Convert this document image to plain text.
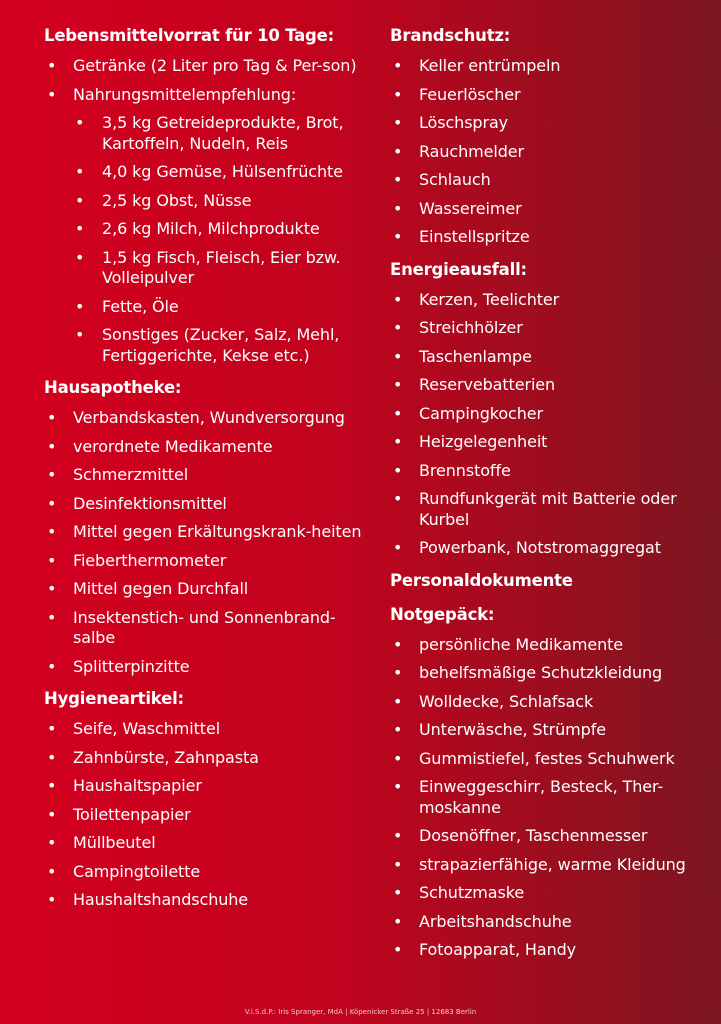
Lebensmittelvorrat für 10 Tage:
• Getränke (2 Liter pro Tag & Per-son)
• Nahrungsmittelempfehlung:
• 3,5 kg Getreideprodukte, Brot, Kartoffeln, Nudeln, Reis
• 4,0 kg Gemüse, Hülsenfrüchte
• 2,5 kg Obst, Nüsse
• 2,6 kg Milch, Milchprodukte
• 1,5 kg Fisch, Fleisch, Eier bzw. Volleipulver
• Fette, Öle
• Sonstiges (Zucker, Salz, Mehl, Fertiggerichte, Kekse etc.)
Hausapotheke:
• Verbandskasten, Wundversorgung
• verordnete Medikamente
• Schmerzmittel
• Desinfektionsmittel
• Mittel gegen Erkältungskrank-heiten
• Fieberthermometer
• Mittel gegen Durchfall
• Insektenstich- und Sonnenbrand-salbe
• Splitterpinzitte
Hygieneartikel:
• Seife, Waschmittel
• Zahnbürste, Zahnpasta
• Haushaltspapier
• Toilettenpapier
• Müllbeutel
• Campingtoilette
• Haushaltshandschuhe
Brandschutz:
• Keller entrümpeln
• Feuerlöscher
• Löschspray
• Rauchmelder
• Schlauch
• Wassereimer
• Einstellspritze
Energieausfall:
• Kerzen, Teelichter
• Streichhölzer
• Taschenlampe
• Reservebatterien
• Campingkocher
• Heizgelegenheit
• Brennstoffe
• Rundfunkgerät mit Batterie oder Kurbel
• Powerbank, Notstromaggregat
Personaldokumente
Notgepäck:
• persönliche Medikamente
• behelfsmäßige Schutzkleidung
• Wolldecke, Schlafsack
• Unterwäsche, Strümpfe
• Gummistiefel, festes Schuhwerk
• Einweggeschirr, Besteck, Ther-moskanne
• Dosenöffner, Taschenmesser
• strapazierfähige, warme Kleidung
• Schutzmaske
• Arbeitshandschuhe
• Fotoapparat, Handy
V.i.S.d.P.: Iris Spranger, MdA | Köpenicker Straße 25 | 12683 Berlin
